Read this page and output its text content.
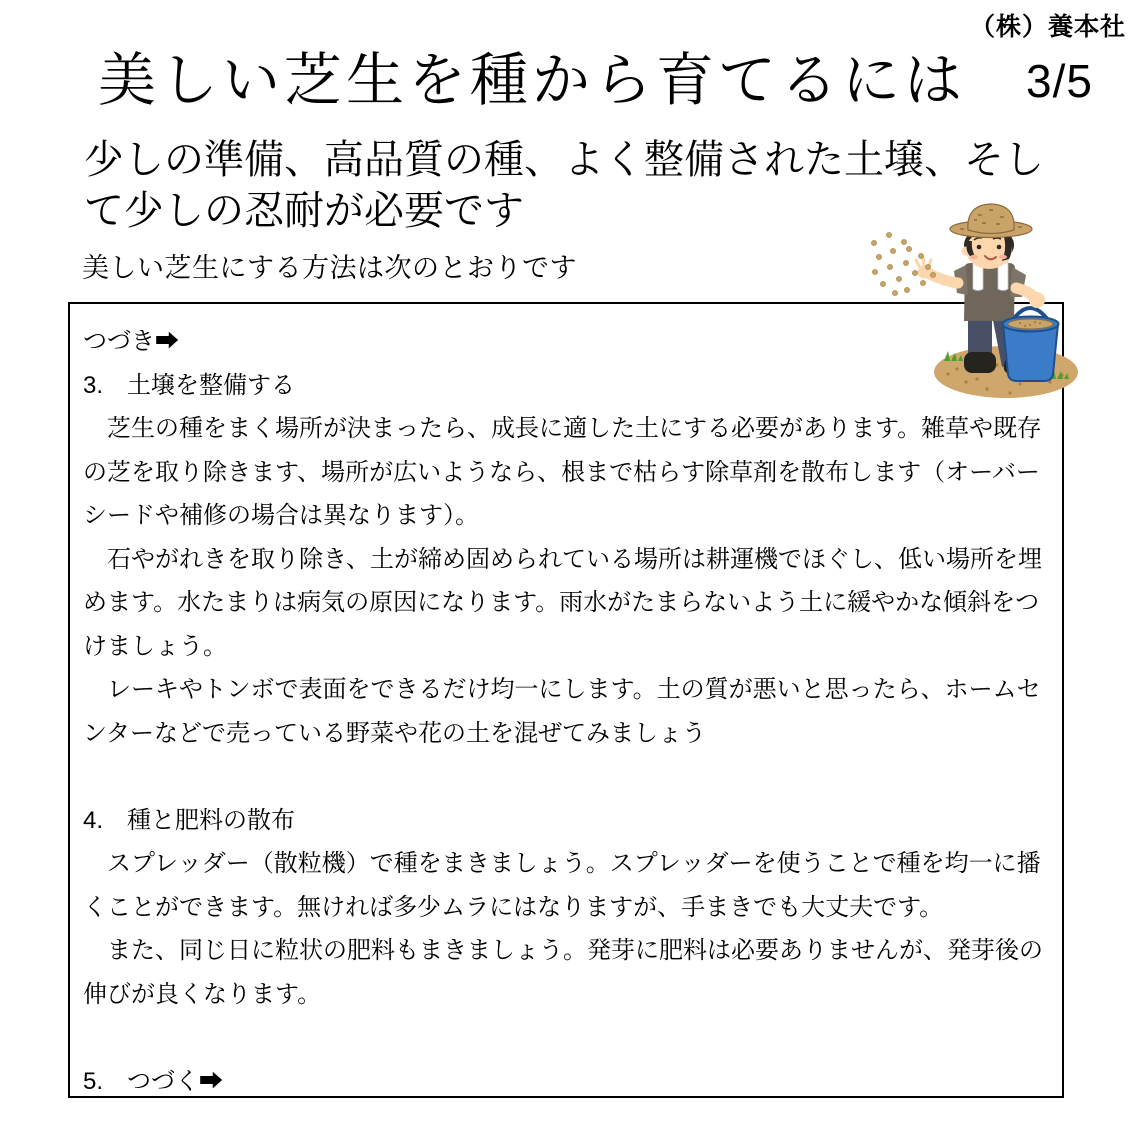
（株）養本社
美しい芝生を種から育てるには	3/5
少しの準備、高品質の種、よく整備された土壌、そして少しの忍耐が必要です
美しい芝生にする方法は次のとおりです
つづき➡
3.　土壌を整備する
　芝生の種をまく場所が決まったら、成長に適した土にする必要があります。雑草や既存
の芝を取り除きます、場所が広いようなら、根まで枯らす除草剤を散布します（オーバー
シードや補修の場合は異なります）。
　石やがれきを取り除き、土が締め固められている場所は耕運機でほぐし、低い場所を埋
めます。水たまりは病気の原因になります。雨水がたまらないよう土に緩やかな傾斜をつ
けましょう。
　レーキやトンボで表面をできるだけ均一にします。土の質が悪いと思ったら、ホームセ
ンターなどで売っている野菜や花の土を混ぜてみましょう
4.　種と肥料の散布
　スプレッダー（散粒機）で種をまきましょう。スプレッダーを使うことで種を均一に播
くことができます。無ければ多少ムラにはなりますが、手まきでも大丈夫です。
　また、同じ日に粒状の肥料もまきましょう。発芽に肥料は必要ありませんが、発芽後の
伸びが良くなります。
5.　つづく➡
